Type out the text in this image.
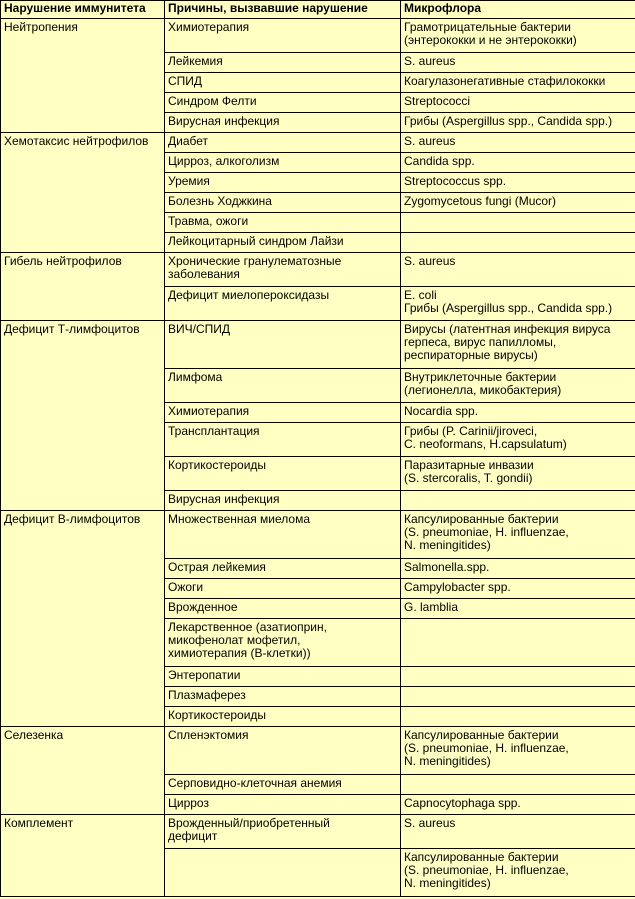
Нарушение иммунитета	Причины, вызвавшие нарушение	Микрофлора
Нейтропения	Химиотерапия	Грамотрицательные бактерии
(энтерококки и не энтерококки)
	Лейкемия	S. aureus
	СПИД	Коагулазонегативные стафилококки
	Синдром Фелти	Streptococci
	Вирусная инфекция	Грибы (Aspergillus spp., Candida spp.)
Хемотаксис нейтрофилов	Диабет	S. aureus
	Цирроз, алкоголизм	Candida spp.
	Уремия	Streptococcus spp.
	Болезнь Ходжкина	Zygomycetous fungi (Mucor)
	Травма, ожоги	
	Лейкоцитарный синдром Лайзи	
Гибель нейтрофилов	Хронические гранулематозные
заболевания	S. aureus
	Дефицит миелопероксидазы	E. coli
Грибы (Aspergillus spp., Candida spp.)
Дефицит Т-лимфоцитов	ВИЧ/СПИД	Вирусы (латентная инфекция вируса
герпеса, вирус папилломы,
респираторные вирусы)
	Лимфома	Внутриклеточные бактерии
(легионелла, микобактерия)
	Химиотерапия	Nocardia spp.
	Трансплантация	Грибы (P. Carinii/jiroveci,
C. neoformans, H.capsulatum)
	Кортикостероиды	Паразитарные инвазии
(S. stercoralis, T. gondii)
	Вирусная инфекция	
Дефицит В-лимфоцитов	Множественная миелома	Капсулированные бактерии
(S. pneumoniae, H. influenzae,
N. meningitides)
	Острая лейкемия	Salmonella.spp.
	Ожоги	Campylobacter spp.
	Врожденное	G. lamblia
	Лекарственное (азатиоприн,
микофенолат мофетил,
химиотерапия (В-клетки))	
	Энтеропатии	
	Плазмаферез	
	Кортикостероиды	
Селезенка	Спленэктомия	Капсулированные бактерии
(S. pneumoniae, H. influenzae,
N. meningitides)
	Серповидно-клеточная анемия	
	Цирроз	Capnocytophaga spp.
Комплемент	Врожденный/приобретенный
дефицит	S. aureus
		Капсулированные бактерии
(S. pneumoniae, H. influenzae,
N. meningitides)
